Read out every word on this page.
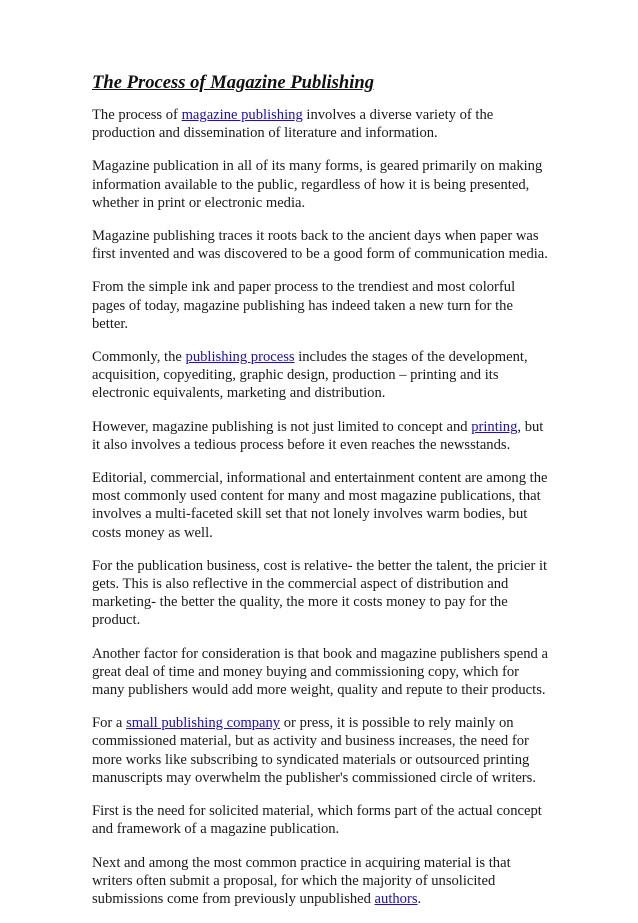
The Process of Magazine Publishing

The process of magazine publishing involves a diverse variety of the production and dissemination of literature and information.

Magazine publication in all of its many forms, is geared primarily on making information available to the public, regardless of how it is being presented, whether in print or electronic media.

Magazine publishing traces it roots back to the ancient days when paper was first invented and was discovered to be a good form of communication media.

From the simple ink and paper process to the trendiest and most colorful pages of today, magazine publishing has indeed taken a new turn for the better.

Commonly, the publishing process includes the stages of the development, acquisition, copyediting, graphic design, production – printing and its electronic equivalents, marketing and distribution.

However, magazine publishing is not just limited to concept and printing, but it also involves a tedious process before it even reaches the newsstands.

Editorial, commercial, informational and entertainment content are among the most commonly used content for many and most magazine publications, that involves a multi-faceted skill set that not lonely involves warm bodies, but costs money as well.

For the publication business, cost is relative- the better the talent, the pricier it gets. This is also reflective in the commercial aspect of distribution and marketing- the better the quality, the more it costs money to pay for the product.

Another factor for consideration is that book and magazine publishers spend a great deal of time and money buying and commissioning copy, which for many publishers would add more weight, quality and repute to their products.

For a small publishing company or press, it is possible to rely mainly on commissioned material, but as activity and business increases, the need for more works like subscribing to syndicated materials or outsourced printing manuscripts may overwhelm the publisher's commissioned circle of writers.

First is the need for solicited material, which forms part of the actual concept and framework of a magazine publication.

Next and among the most common practice in acquiring material is that writers often submit a proposal, for which the majority of unsolicited submissions come from previously unpublished authors.
